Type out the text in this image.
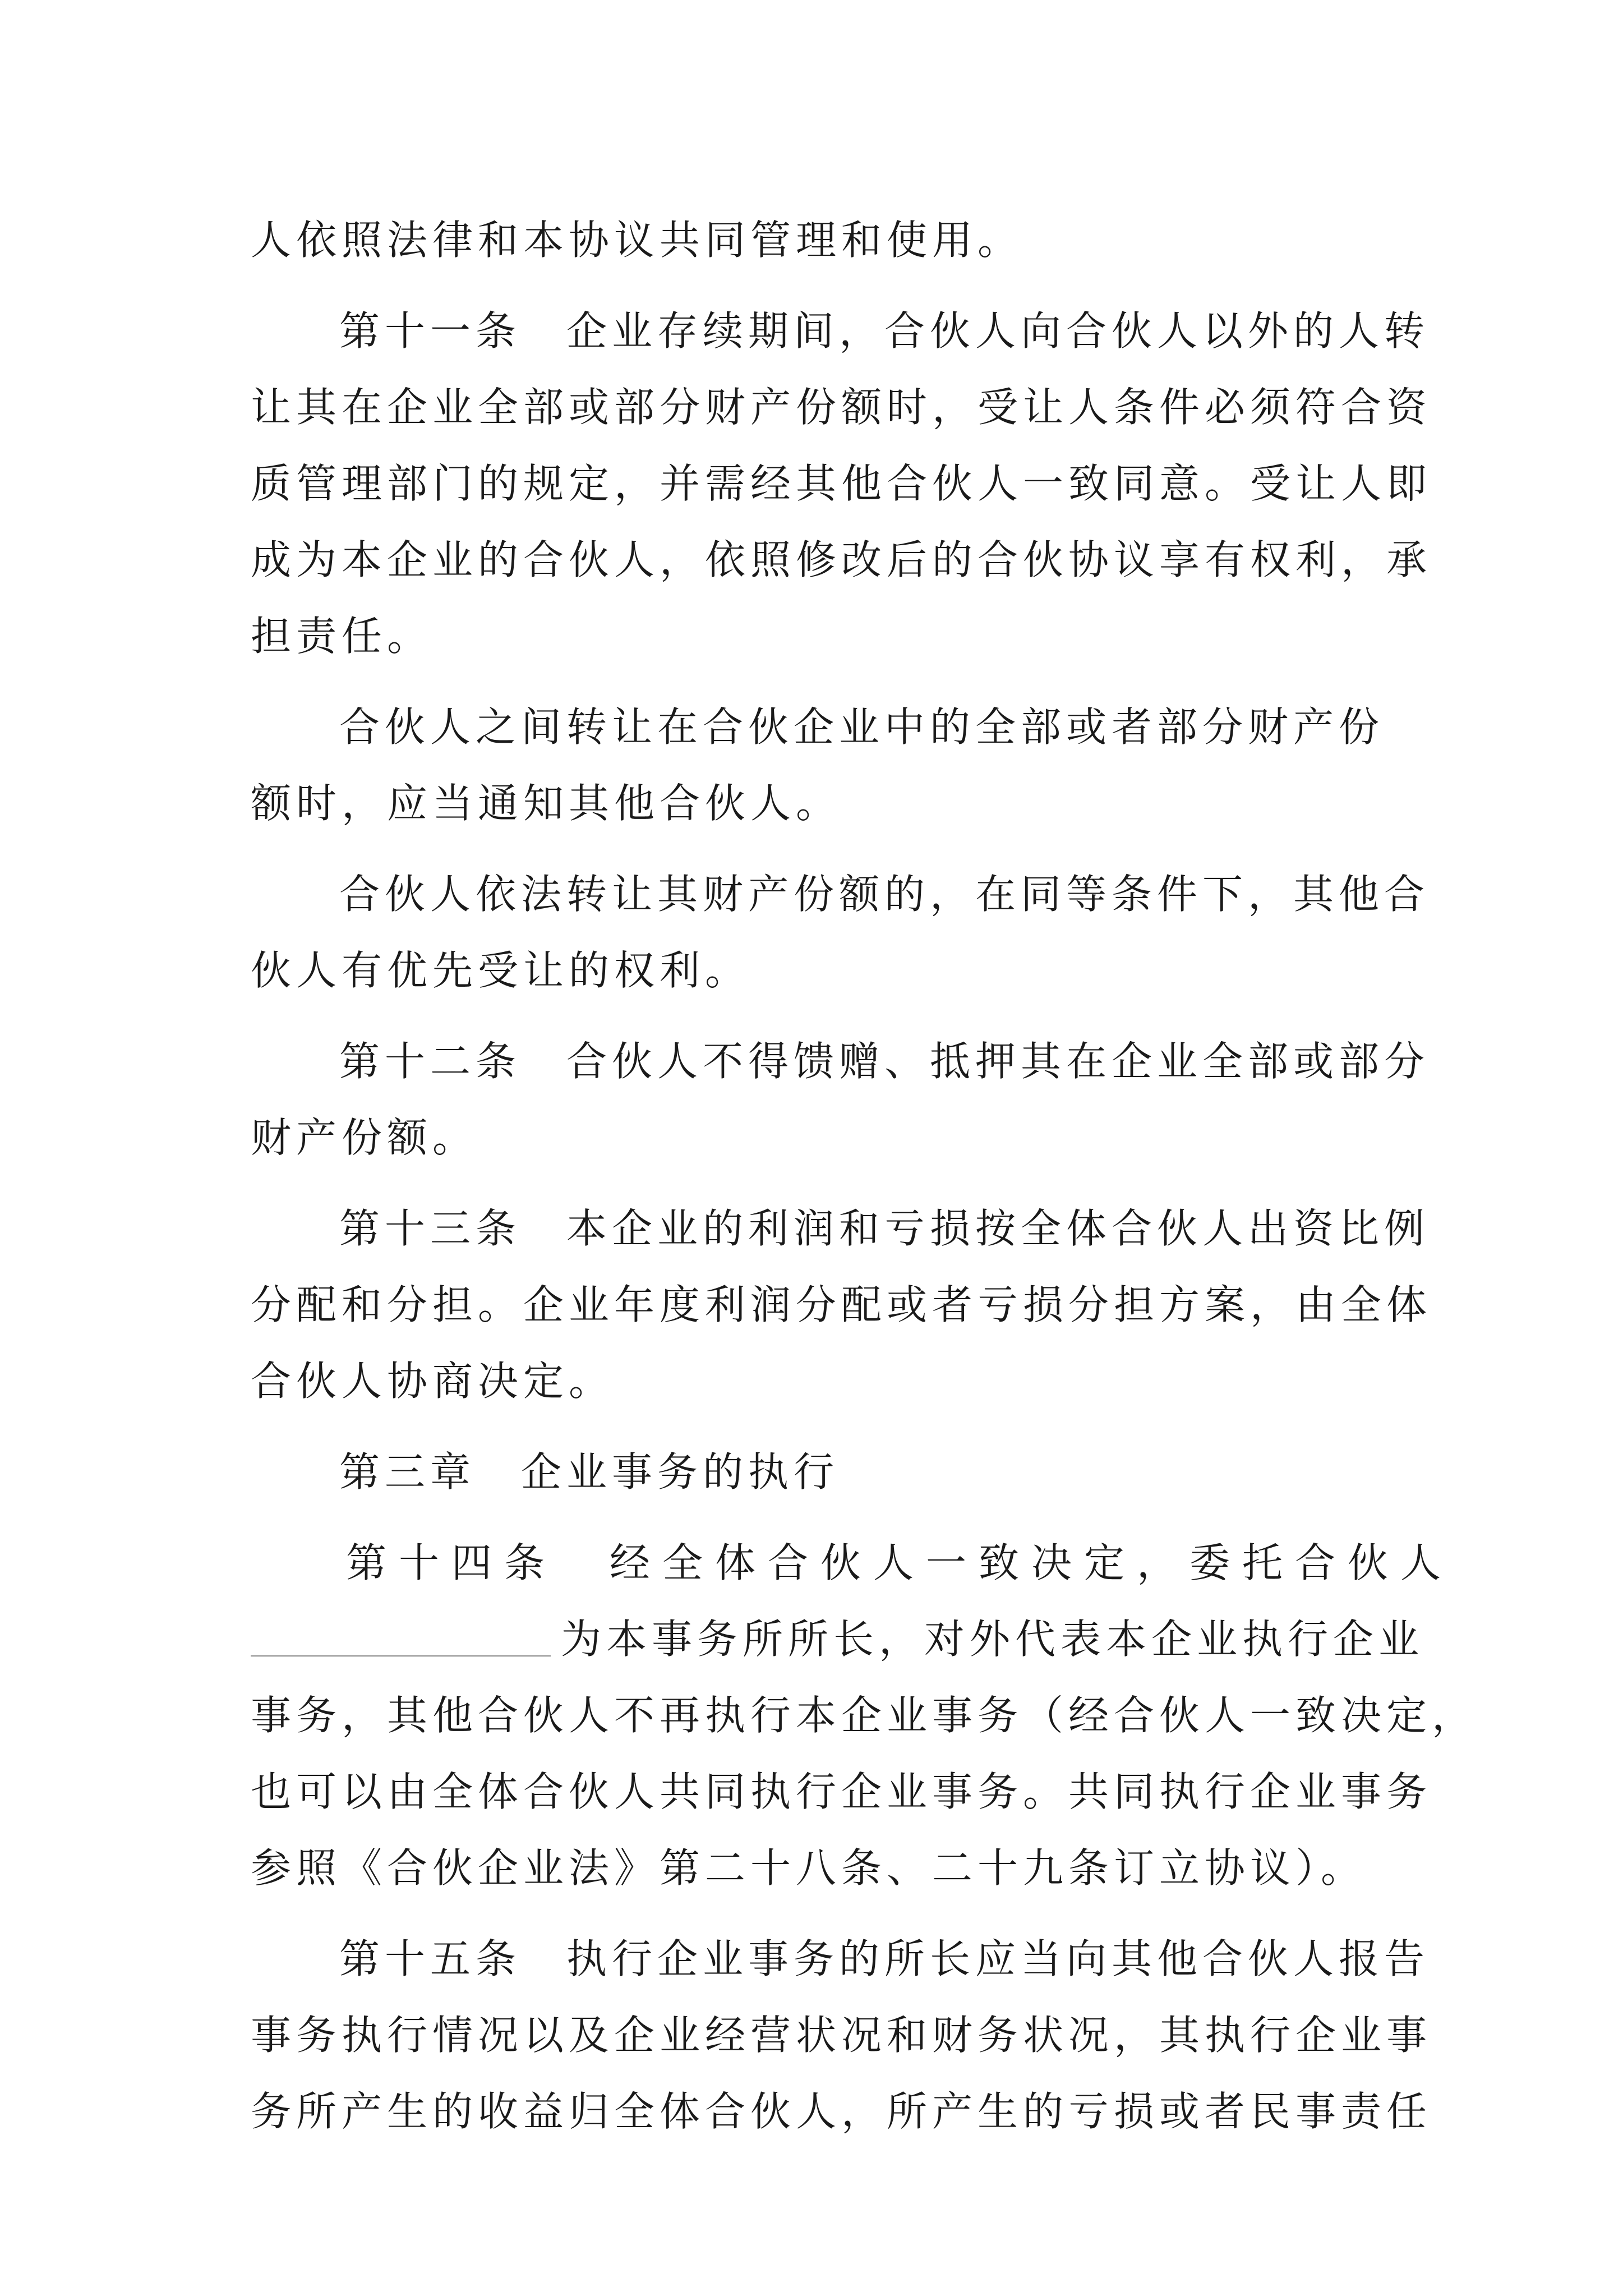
人依照法律和本协议共同管理和使用。
第十一条　企业存续期间，合伙人向合伙人以外的人转
让其在企业全部或部分财产份额时，受让人条件必须符合资
质管理部门的规定，并需经其他合伙人一致同意。受让人即
成为本企业的合伙人，依照修改后的合伙协议享有权利，承
担责任。
合伙人之间转让在合伙企业中的全部或者部分财产份
额时，应当通知其他合伙人。
合伙人依法转让其财产份额的，在同等条件下，其他合
伙人有优先受让的权利。
第十二条　合伙人不得馈赠、抵押其在企业全部或部分
财产份额。
第十三条　本企业的利润和亏损按全体合伙人出资比例
分配和分担。企业年度利润分配或者亏损分担方案，由全体
合伙人协商决定。
第三章　企业事务的执行
第十四条　经全体合伙人一致决定，委托合伙人
为本事务所所长，对外代表本企业执行企业
事务，其他合伙人不再执行本企业事务（经合伙人一致决定，
也可以由全体合伙人共同执行企业事务。共同执行企业事务
参照《合伙企业法》第二十八条、二十九条订立协议）。
第十五条　执行企业事务的所长应当向其他合伙人报告
事务执行情况以及企业经营状况和财务状况，其执行企业事
务所产生的收益归全体合伙人，所产生的亏损或者民事责任
